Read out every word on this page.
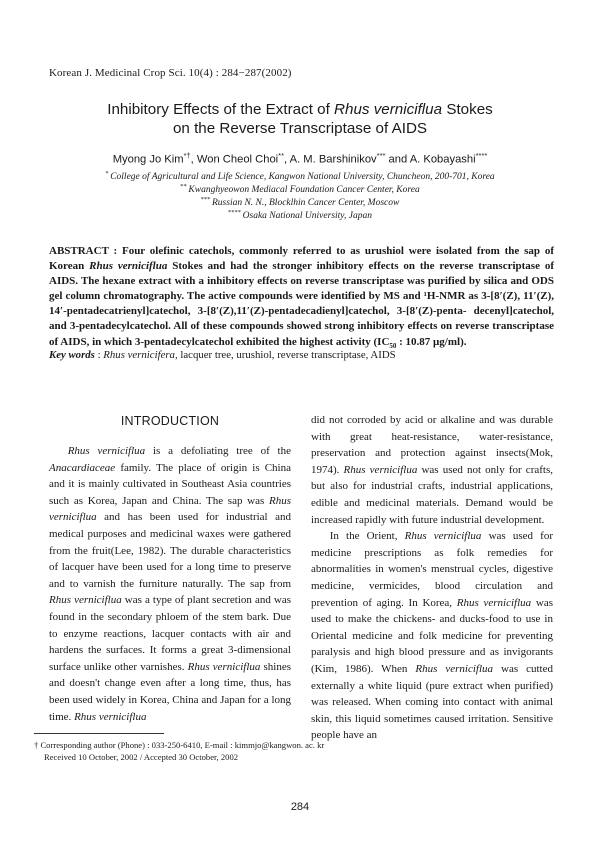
Korean J. Medicinal Crop Sci. 10(4) : 284−287(2002)
Inhibitory Effects of the Extract of Rhus verniciflua Stokes
on the Reverse Transcriptase of AIDS
Myong Jo Kim*†, Won Cheol Choi**, A. M. Barshinikov*** and A. Kobayashi****
* College of Agricultural and Life Science, Kangwon National University, Chuncheon, 200-701, Korea
** Kwanghyeowon Mediacal Foundation Cancer Center, Korea
*** Russian N. N., Blocklhin Cancer Center, Moscow
**** Osaka National University, Japan
ABSTRACT : Four olefinic catechols, commonly referred to as urushiol were isolated from the sap of Korean Rhus verniciflua Stokes and had the stronger inhibitory effects on the reverse transcriptase of AIDS. The hexane extract with a inhibitory effects on reverse transcriptase was purified by silica and ODS gel column chromatography. The active compounds were identified by MS and ¹H-NMR as 3-[8′(Z), 11′(Z), 14′-pentadecatrienyl]catechol, 3-[8′(Z),11′(Z)-pentadecadienyl]catechol, 3-[8′(Z)-penta- decenyl]catechol, and 3-pentadecylcatechol. All of these compounds showed strong inhibitory effects on reverse transcriptase of AIDS, in which 3-pentadecylcatechol exhibited the highest activity ($IC_{50}$ : 10.87 μg/ml).
Key words : Rhus vernicifera, lacquer tree, urushiol, reverse transcriptase, AIDS
INTRODUCTION

Rhus verniciflua is a defoliating tree of the Anacardiaceae family. The place of origin is China and it is mainly cultivated in Southeast Asia countries such as Korea, Japan and China. The sap was Rhus verniciflua and has been used for industrial and medical purposes and medicinal waxes were gathered from the fruit(Lee, 1982). The durable characteristics of lacquer have been used for a long time to preserve and to varnish the furniture naturally. The sap from Rhus verniciflua was a type of plant secretion and was found in the secondary phloem of the stem bark. Due to enzyme reactions, lacquer contacts with air and hardens the surfaces. It forms a great 3-dimensional surface unlike other varnishes. Rhus verniciflua shines and doesn't change even after a long time, thus, has been used widely in Korea, China and Japan for a long time. Rhus verniciflua

did not corroded by acid or alkaline and was durable with great heat-resistance, water-resistance, preservation and protection against insects(Mok, 1974). Rhus verniciflua was used not only for crafts, but also for industrial crafts, industrial applications, edible and medicinal materials. Demand would be increased rapidly with future industrial development.

In the Orient, Rhus verniciflua was used for medicine prescriptions as folk remedies for abnormalities in women's menstrual cycles, digestive medicine, vermicides, blood circulation and prevention of aging. In Korea, Rhus verniciflua was used to make the chickens- and ducks-food to use in Oriental medicine and folk medicine for preventing paralysis and high blood pressure and as invigorants (Kim, 1986). When Rhus verniciflua was cutted externally a white liquid (pure extract when purified) was released. When coming into contact with animal skin, this liquid sometimes caused irritation. Sensitive people have an

† Corresponding author (Phone) : 033-250-6410, E-mail : kimmjo@kangwon. ac. kr
Received 10 October, 2002 / Accepted 30 October, 2002
284
